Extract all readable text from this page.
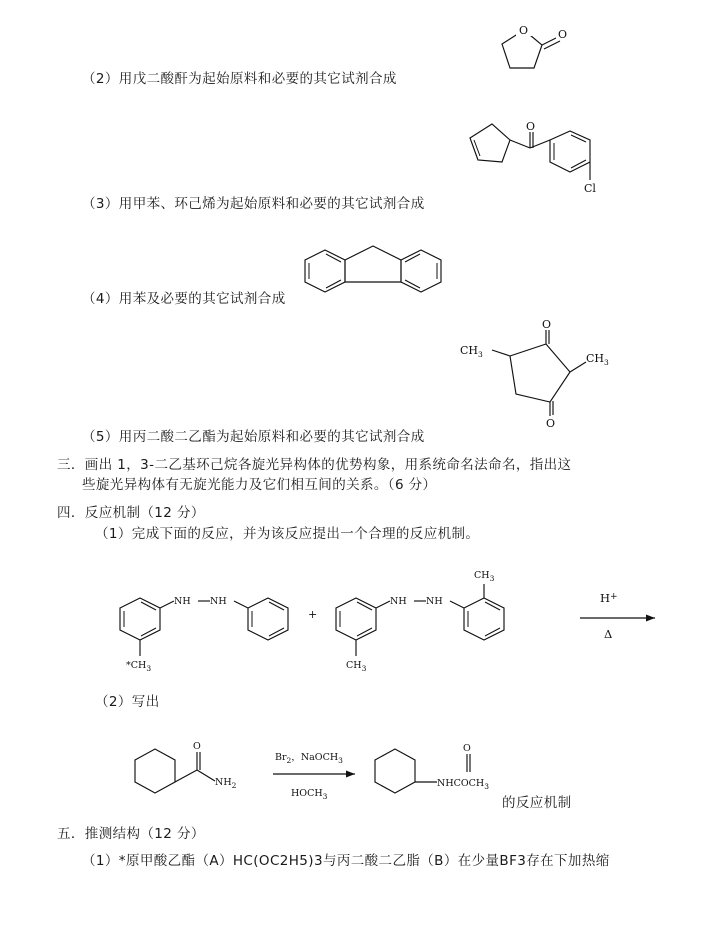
O	O
（2）用戊二酸酐为起始原料和必要的其它试剂合成
O
Cl
（3）用甲苯、环己烯为起始原料和必要的其它试剂合成
（4）用苯及必要的其它试剂合成
O
O
$CH_3$	$CH_3$
（5）用丙二酸二乙酯为起始原料和必要的其它试剂合成
三．画出 1，3-二乙基环己烷各旋光异构体的优势构象，用系统命名法命名，指出这
些旋光异构体有无旋光能力及它们相互间的关系。（6 分）
四．反应机制（12 分）
（1）完成下面的反应，并为该反应提出一个合理的反应机制。
$*CH_3$
NH NH
+
$CH_3$
NH NH
$CH_3$
H+
Δ
（2）写出
O
$NH_2$
$Br_2$，NaOCH$_3$
$HOCH_3$
O
$NHCOCH_3$
的反应机制
五．推测结构（12 分）
（1）*原甲酸乙酯（A）HC(OC2H5)3与丙二酸二乙脂（B）在少量BF3存在下加热缩
